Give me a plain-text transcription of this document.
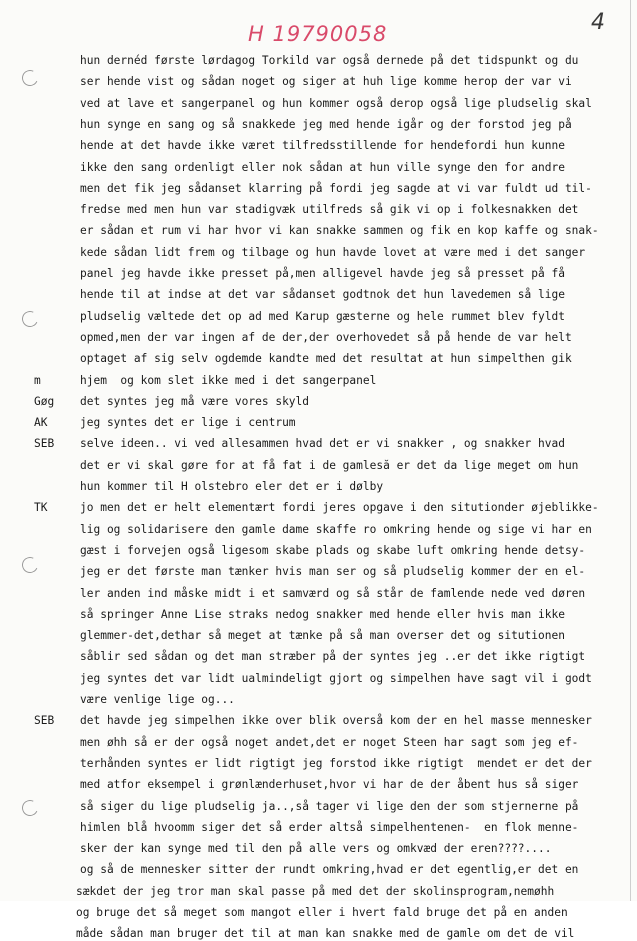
H 19790058	4
hun dernéd første lørdagog Torkild var også dernede på det tidspunkt og du
ser hende vist og sådan noget og siger at huh lige komme herop der var vi
ved at lave et sangerpanel og hun kommer også derop også lige pludselig skal
hun synge en sang og så snakkede jeg med hende igår og der forstod jeg på
hende at det havde ikke været tilfredsstillende for hendefordi hun kunne
ikke den sang ordenligt eller nok sådan at hun ville synge den for andre
men det fik jeg sådanset klarring på fordi jeg sagde at vi var fuldt ud til-
fredse med men hun var stadigvæk utilfreds så gik vi op i folkesnakken det
er sådan et rum vi har hvor vi kan snakke sammen og fik en kop kaffe og snak-
kede sådan lidt frem og tilbage og hun havde lovet at være med i det sanger
panel jeg havde ikke presset på,men alligevel havde jeg så presset på få
hende til at indse at det var sådanset godtnok det hun lavedemen så lige
pludselig væltede det op ad med Karup gæsterne og hele rummet blev fyldt
opmed,men der var ingen af de der,der overhovedet så på hende de var helt
optaget af sig selv ogdemde kandte med det resultat at hun simpelthen gik
m	hjem  og kom slet ikke med i det sangerpanel
Gøg det syntes jeg må være vores skyld
AK	jeg syntes det er lige i centrum
SEB selve ideen.. vi ved allesammen hvad det er vi snakker , og snakker hvad
det er vi skal gøre for at få fat i de gamlesă er det da lige meget om hun
hun kommer til H olstebro eler det er i dølby
TK	jo men det er helt elementært fordi jeres opgave i den situtionder øjeblikke-
lig og solidarisere den gamle dame skaffe ro omkring hende og sige vi har en
gæst i forvejen også ligesom skabe plads og skabe luft omkring hende detsy-
jeg er det første man tænker hvis man ser og så pludselig kommer der en el-
ler anden ind måske midt i et samværd og så står de famlende nede ved døren
så springer Anne Lise straks nedog snakker med hende eller hvis man ikke
glemmer-det,dethar så meget at tænke på så man overser det og situtionen
såblir sed sådan og det man stræber på der syntes jeg ..er det ikke rigtigt
jeg syntes det var lidt ualmindeligt gjort og simpelhen have sagt vil i godt
være venlige lige og...
SEB det havde jeg simpelhen ikke over blik overså kom der en hel masse mennesker
men øhh så er der også noget andet,det er noget Steen har sagt som jeg ef-
terhånden syntes er lidt rigtigt jeg forstod ikke rigtigt  mendet er det der
med atfor eksempel i grønlænderhuset,hvor vi har de der åbent hus så siger
så siger du lige pludselig ja..,så tager vi lige den der som stjernerne på
himlen blå hvoomm siger det så erder altså simpelhentenen-  en flok menne-
sker der kan synge med til den på alle vers og omkvæd der eren????....
og så de mennesker sitter der rundt omkring,hvad er det egentlig,er det en
sækdet der jeg tror man skal passe på med det der skolinsprogram,nemøhh
og bruge det så meget som mangot eller i hvert fald bruge det på en anden
måde sådan man bruger det til at man kan snakke med de gamle om det de vil
